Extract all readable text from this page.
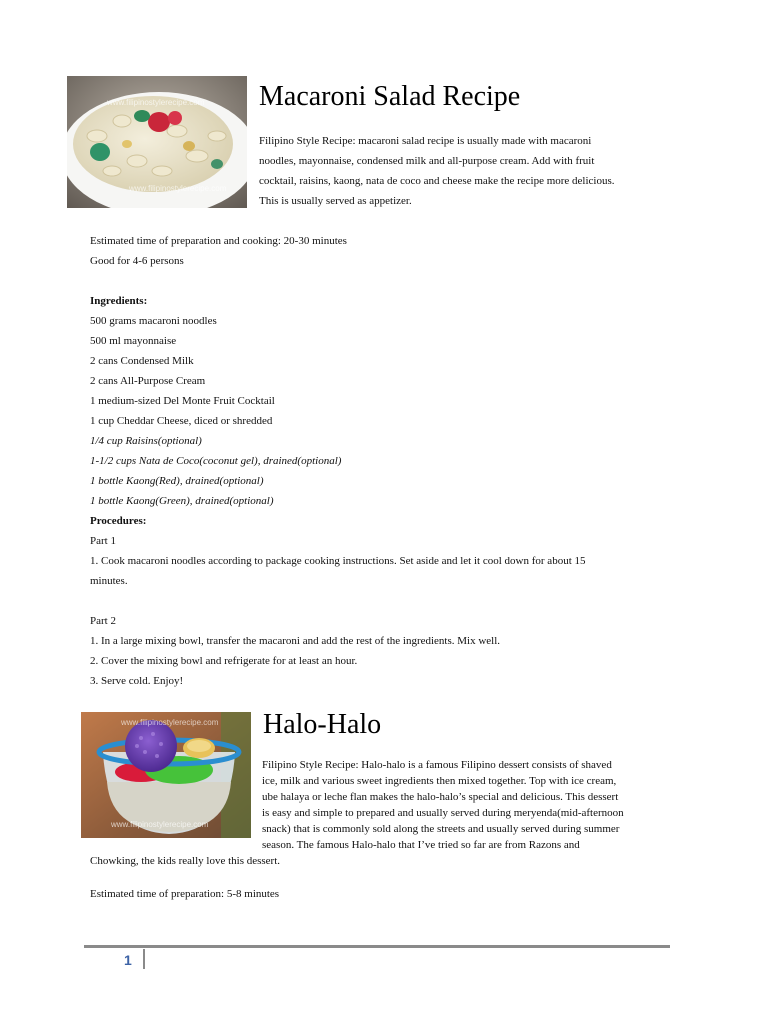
www.filipinostylerecipe.com
www.filipinostylerecipe.com
Macaroni Salad Recipe
Filipino Style Recipe: macaroni salad recipe is usually made with macaroni
noodles, mayonnaise, condensed milk and all-purpose cream. Add with fruit
cocktail, raisins, kaong, nata de coco and cheese make the recipe more delicious.
This is usually served as appetizer.
Estimated time of preparation and cooking: 20-30 minutes
Good for 4-6 persons
Ingredients:
500 grams macaroni noodles
500 ml mayonnaise
2 cans Condensed Milk
2 cans All-Purpose Cream
1 medium-sized Del Monte Fruit Cocktail
1 cup Cheddar Cheese, diced or shredded
1/4 cup Raisins(optional)
1-1/2 cups Nata de Coco(coconut gel), drained(optional)
1 bottle Kaong(Red), drained(optional)
1 bottle Kaong(Green), drained(optional)
Procedures:
Part 1
1. Cook macaroni noodles according to package cooking instructions. Set aside and let it cool down for about 15
minutes.
Part 2
1. In a large mixing bowl, transfer the macaroni and add the rest of the ingredients. Mix well.
2. Cover the mixing bowl and refrigerate for at least an hour.
3. Serve cold. Enjoy!
www.filipinostylerecipe.com
www.filipinostylerecipe.com
Halo-Halo
Filipino Style Recipe: Halo-halo is a famous Filipino dessert consists of shaved
ice, milk and various sweet ingredients then mixed together. Top with ice cream,
ube halaya or leche flan makes the halo-halo’s special and delicious. This dessert
is easy and simple to prepared and usually served during meryenda(mid-afternoon
snack) that is commonly sold along the streets and usually served during summer
season. The famous Halo-halo that I’ve tried so far are from Razons and
Chowking, the kids really love this dessert.
Estimated time of preparation: 5-8 minutes
1
